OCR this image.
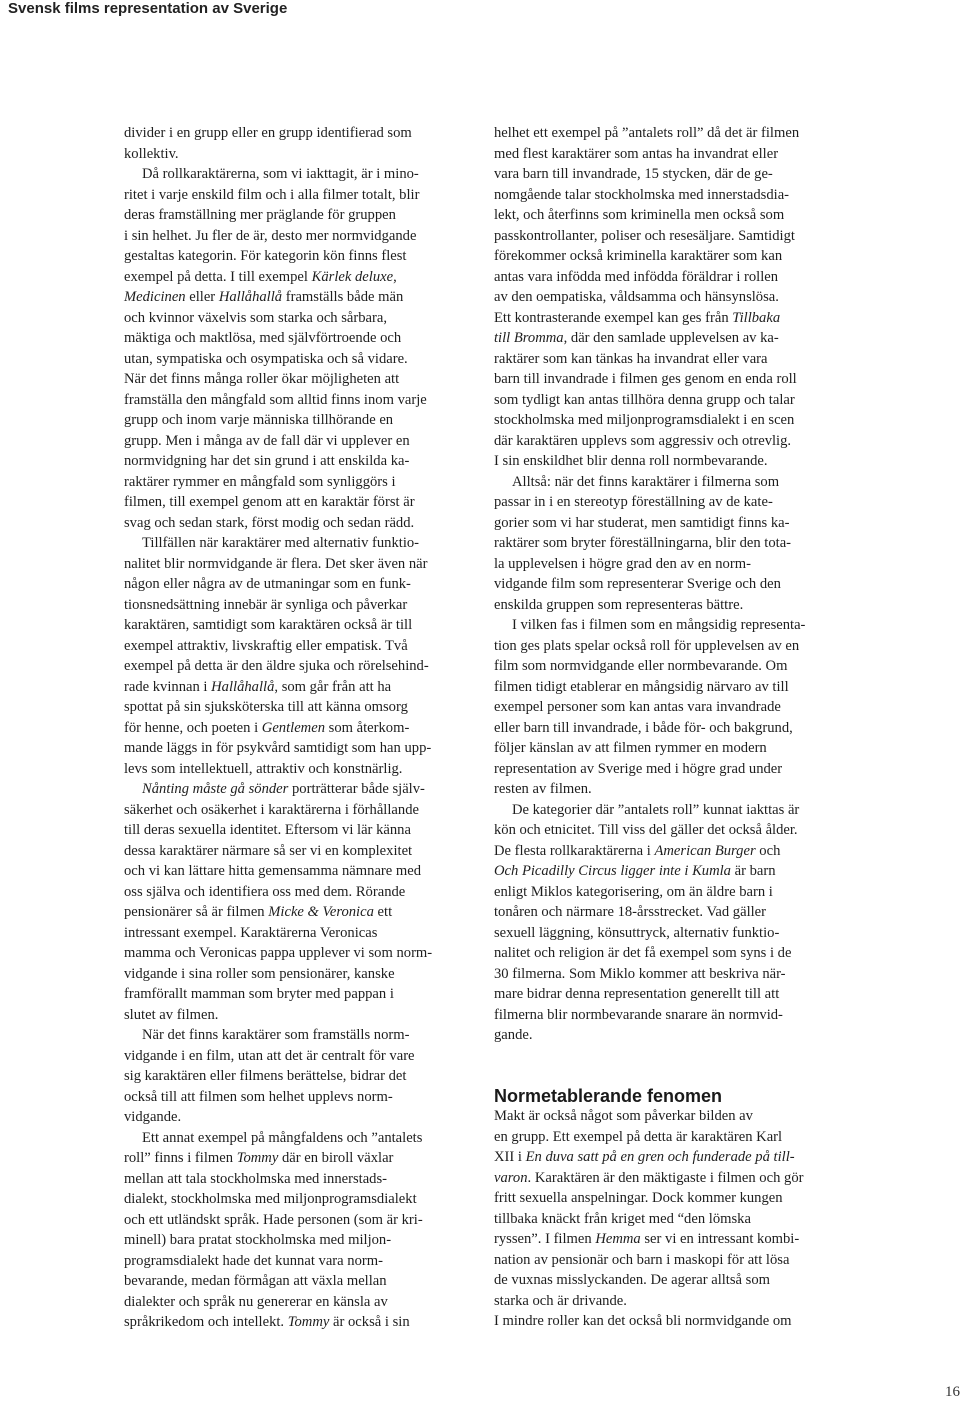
Svensk films representation av Sverige
divider i en grupp eller en grupp identifierad som
kollektiv.
Då rollkaraktärerna, som vi iakttagit, är i mino-
ritet i varje enskild film och i alla filmer totalt, blir
deras framställning mer präglande för gruppen
i sin helhet. Ju fler de är, desto mer normvidgande
gestaltas kategorin. För kategorin kön finns flest
exempel på detta. I till exempel Kärlek deluxe,
Medicinen eller Hallåhallå framställs både män
och kvinnor växelvis som starka och sårbara,
mäktiga och maktlösa, med självförtroende och
utan, sympatiska och osympatiska och så vidare.
När det finns många roller ökar möjligheten att
framställa den mångfald som alltid finns inom varje
grupp och inom varje människa tillhörande en
grupp. Men i många av de fall där vi upplever en
normvidgning har det sin grund i att enskilda ka-
raktärer rymmer en mångfald som synliggörs i
filmen, till exempel genom att en karaktär först är
svag och sedan stark, först modig och sedan rädd.
Tillfällen när karaktärer med alternativ funktio-
nalitet blir normvidgande är flera. Det sker även när
någon eller några av de utmaningar som en funk-
tionsnedsättning innebär är synliga och påverkar
karaktären, samtidigt som karaktären också är till
exempel attraktiv, livskraftig eller empatisk. Två
exempel på detta är den äldre sjuka och rörelsehind-
rade kvinnan i Hallåhallå, som går från att ha
spottat på sin sjuksköterska till att känna omsorg
för henne, och poeten i Gentlemen som återkom-
mande läggs in för psykvård samtidigt som han upp-
levs som intellektuell, attraktiv och konstnärlig.
Nånting måste gå sönder porträtterar både själv-
säkerhet och osäkerhet i karaktärerna i förhållande
till deras sexuella identitet. Eftersom vi lär känna
dessa karaktärer närmare så ser vi en komplexitet
och vi kan lättare hitta gemensamma nämnare med
oss själva och identifiera oss med dem. Rörande
pensionärer så är filmen Micke & Veronica ett
intressant exempel. Karaktärerna Veronicas
mamma och Veronicas pappa upplever vi som norm-
vidgande i sina roller som pensionärer, kanske
framförallt mamman som bryter med pappan i
slutet av filmen.
När det finns karaktärer som framställs norm-
vidgande i en film, utan att det är centralt för vare
sig karaktären eller filmens berättelse, bidrar det
också till att filmen som helhet upplevs norm-
vidgande.
Ett annat exempel på mångfaldens och ”antalets
roll” finns i filmen Tommy där en biroll växlar
mellan att tala stockholmska med innerstads-
dialekt, stockholmska med miljonprogramsdialekt
och ett utländskt språk. Hade personen (som är kri-
minell) bara pratat stockholmska med miljon-
programsdialekt hade det kunnat vara norm-
bevarande, medan förmågan att växla mellan
dialekter och språk nu genererar en känsla av
språkrikedom och intellekt. Tommy är också i sin
helhet ett exempel på ”antalets roll” då det är filmen
med flest karaktärer som antas ha invandrat eller
vara barn till invandrade, 15 stycken, där de ge-
nomgående talar stockholmska med innerstadsdia-
lekt, och återfinns som kriminella men också som
passkontrollanter, poliser och resesäljare. Samtidigt
förekommer också kriminella karaktärer som kan
antas vara infödda med infödda föräldrar i rollen
av den oempatiska, våldsamma och hänsynslösa.
Ett kontrasterande exempel kan ges från Tillbaka
till Bromma, där den samlade upplevelsen av ka-
raktärer som kan tänkas ha invandrat eller vara
barn till invandrade i filmen ges genom en enda roll
som tydligt kan antas tillhöra denna grupp och talar
stockholmska med miljonprogramsdialekt i en scen
där karaktären upplevs som aggressiv och otrevlig.
I sin enskildhet blir denna roll normbevarande.
Alltså: när det finns karaktärer i filmerna som
passar in i en stereotyp föreställning av de kate-
gorier som vi har studerat, men samtidigt finns ka-
raktärer som bryter föreställningarna, blir den tota-
la upplevelsen i högre grad den av en norm-
vidgande film som representerar Sverige och den
enskilda gruppen som representeras bättre.
I vilken fas i filmen som en mångsidig representa-
tion ges plats spelar också roll för upplevelsen av en
film som normvidgande eller normbevarande. Om
filmen tidigt etablerar en mångsidig närvaro av till
exempel personer som kan antas vara invandrade
eller barn till invandrade, i både för- och bakgrund,
följer känslan av att filmen rymmer en modern
representation av Sverige med i högre grad under
resten av filmen.
De kategorier där ”antalets roll” kunnat iakttas är
kön och etnicitet. Till viss del gäller det också ålder.
De flesta rollkaraktärerna i American Burger och
Och Picadilly Circus ligger inte i Kumla är barn
enligt Miklos kategorisering, om än äldre barn i
tonåren och närmare 18-årsstrecket. Vad gäller
sexuell läggning, könsuttryck, alternativ funktio-
nalitet och religion är det få exempel som syns i de
30 filmerna. Som Miklo kommer att beskriva när-
mare bidrar denna representation generellt till att
filmerna blir normbevarande snarare än normvid-
gande.
Normetablerande fenomen
Makt är också något som påverkar bilden av
en grupp. Ett exempel på detta är karaktären Karl
XII i En duva satt på en gren och funderade på till-
varon. Karaktären är den mäktigaste i filmen och gör
fritt sexuella anspelningar. Dock kommer kungen
tillbaka knäckt från kriget med “den lömska
ryssen”. I filmen Hemma ser vi en intressant kombi-
nation av pensionär och barn i maskopi för att lösa
de vuxnas misslyckanden. De agerar alltså som
starka och är drivande.
I mindre roller kan det också bli normvidgande om
16
